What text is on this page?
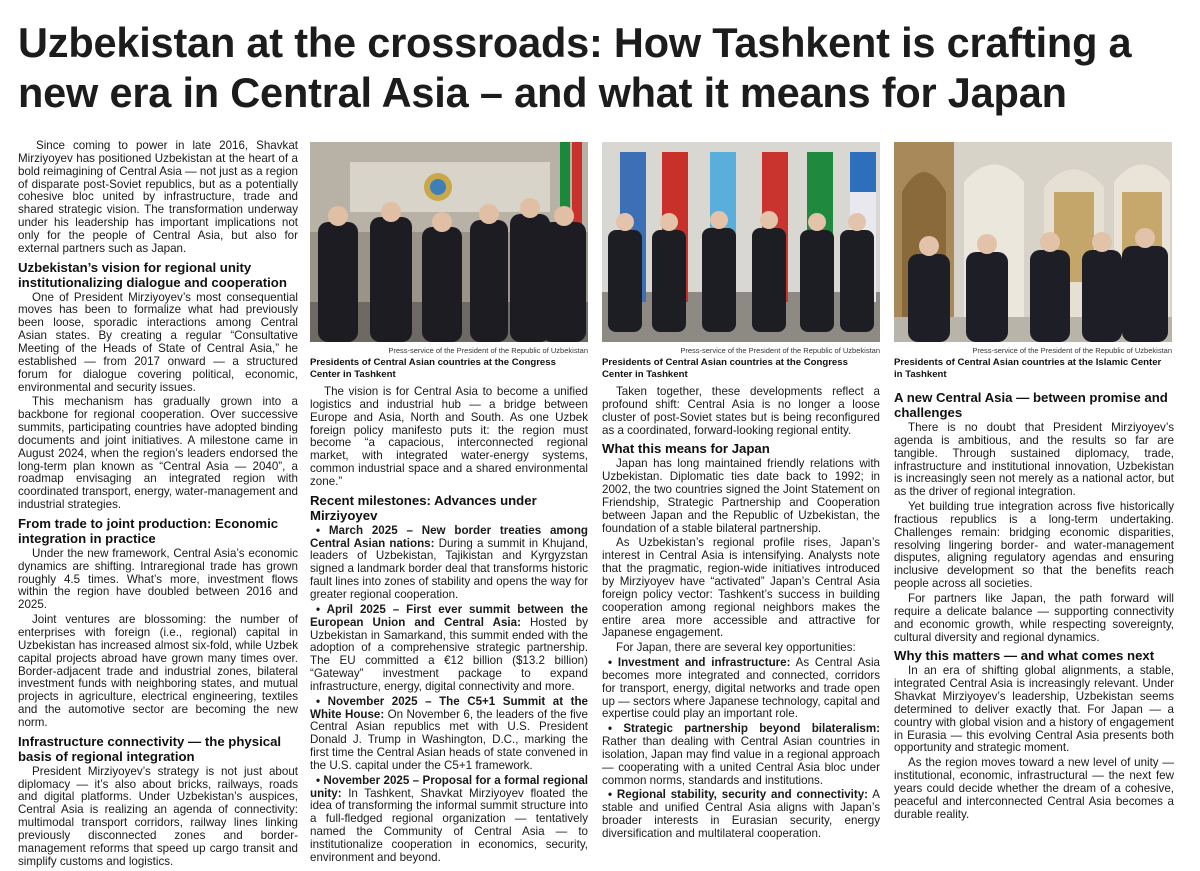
Uzbekistan at the crossroads: How Tashkent is crafting a new era in Central Asia – and what it means for Japan

Since coming to power in late 2016, Shavkat Mirziyoyev has positioned Uzbekistan at the heart of a bold reimagining of Central Asia — not just as a region of disparate post-Soviet republics, but as a potentially cohesive bloc united by infrastructure, trade and shared strategic vision. The transformation underway under his leadership has important implications not only for the people of Central Asia, but also for external partners such as Japan.

Uzbekistan’s vision for regional unity institutionalizing dialogue and cooperation

One of President Mirziyoyev’s most consequential moves has been to formalize what had previously been loose, sporadic interactions among Central Asian states. By creating a regular “Consultative Meeting of the Heads of State of Central Asia,” he established — from 2017 onward — a structured forum for dialogue covering political, economic, environmental and security issues.

This mechanism has gradually grown into a backbone for regional cooperation. Over successive summits, participating countries have adopted binding documents and joint initiatives. A milestone came in August 2024, when the region’s leaders endorsed the long-term plan known as “Central Asia — 2040”, a roadmap envisaging an integrated region with coordinated transport, energy, water-management and industrial strategies.

From trade to joint production: Economic integration in practice

Under the new framework, Central Asia’s economic dynamics are shifting. Intraregional trade has grown roughly 4.5 times. What’s more, investment flows within the region have doubled between 2016 and 2025.

Joint ventures are blossoming: the number of enterprises with foreign (i.e., regional) capital in Uzbekistan has increased almost six-fold, while Uzbek capital projects abroad have grown many times over. Border-adjacent trade and industrial zones, bilateral investment funds with neighboring states, and mutual projects in agriculture, electrical engineering, textiles and the automotive sector are becoming the new norm.

Infrastructure connectivity — the physical basis of regional integration

President Mirziyoyev’s strategy is not just about diplomacy — it’s also about bricks, railways, roads and digital platforms. Under Uzbekistan’s auspices, Central Asia is realizing an agenda of connectivity: multimodal transport corridors, railway lines linking previously disconnected zones and border-management reforms that speed up cargo transit and simplify customs and logistics.

Press-service of the President of the Republic of Uzbekistan
Presidents of Central Asian countries at the Congress Center in Tashkent
Press-service of the President of the Republic of Uzbekistan
Presidents of Central Asian countries at the Congress Center in Tashkent
Press-service of the President of the Republic of Uzbekistan
Presidents of Central Asian countries at the Islamic Center in Tashkent

The vision is for Central Asia to become a unified logistics and industrial hub — a bridge between Europe and Asia, North and South. As one Uzbek foreign policy manifesto puts it: the region must become “a capacious, interconnected regional market, with integrated water-energy systems, common industrial space and a shared environmental zone.”

Recent milestones: Advances under Mirziyoyev

• March 2025 – New border treaties among Central Asian nations: During a summit in Khujand, leaders of Uzbekistan, Tajikistan and Kyrgyzstan signed a landmark border deal that transforms historic fault lines into zones of stability and opens the way for greater regional cooperation.

• April 2025 – First ever summit between the European Union and Central Asia: Hosted by Uzbekistan in Samarkand, this summit ended with the adoption of a comprehensive strategic partnership. The EU committed a €12 billion ($13.2 billion) “Gateway” investment package to expand infrastructure, energy, digital connectivity and more.

• November 2025 – The C5+1 Summit at the White House: On November 6, the leaders of the five Central Asian republics met with U.S. President Donald J. Trump in Washington, D.C., marking the first time the Central Asian heads of state convened in the U.S. capital under the C5+1 framework.

• November 2025 – Proposal for a formal regional unity: In Tashkent, Shavkat Mirziyoyev floated the idea of transforming the informal summit structure into a full-fledged regional organization — tentatively named the Community of Central Asia — to institutionalize cooperation in economics, security, environment and beyond.

Taken together, these developments reflect a profound shift: Central Asia is no longer a loose cluster of post-Soviet states but is being reconfigured as a coordinated, forward-looking regional entity.

What this means for Japan

Japan has long maintained friendly relations with Uzbekistan. Diplomatic ties date back to 1992; in 2002, the two countries signed the Joint Statement on Friendship, Strategic Partnership and Cooperation between Japan and the Republic of Uzbekistan, the foundation of a stable bilateral partnership.

As Uzbekistan’s regional profile rises, Japan’s interest in Central Asia is intensifying. Analysts note that the pragmatic, region-wide initiatives introduced by Mirziyoyev have “activated” Japan’s Central Asia foreign policy vector: Tashkent’s success in building cooperation among regional neighbors makes the entire area more accessible and attractive for Japanese engagement.

For Japan, there are several key opportunities:

• Investment and infrastructure: As Central Asia becomes more integrated and connected, corridors for transport, energy, digital networks and trade open up — sectors where Japanese technology, capital and expertise could play an important role.

• Strategic partnership beyond bilateralism: Rather than dealing with Central Asian countries in isolation, Japan may find value in a regional approach — cooperating with a united Central Asia bloc under common norms, standards and institutions.

• Regional stability, security and connectivity: A stable and unified Central Asia aligns with Japan’s broader interests in Eurasian security, energy diversification and multilateral cooperation.

A new Central Asia — between promise and challenges

There is no doubt that President Mirziyoyev’s agenda is ambitious, and the results so far are tangible. Through sustained diplomacy, trade, infrastructure and institutional innovation, Uzbekistan is increasingly seen not merely as a national actor, but as the driver of regional integration.

Yet building true integration across five historically fractious republics is a long-term undertaking. Challenges remain: bridging economic disparities, resolving lingering border- and water-management disputes, aligning regulatory agendas and ensuring inclusive development so that the benefits reach people across all societies.

For partners like Japan, the path forward will require a delicate balance — supporting connectivity and economic growth, while respecting sovereignty, cultural diversity and regional dynamics.

Why this matters — and what comes next

In an era of shifting global alignments, a stable, integrated Central Asia is increasingly relevant. Under Shavkat Mirziyoyev’s leadership, Uzbekistan seems determined to deliver exactly that. For Japan — a country with global vision and a history of engagement in Eurasia — this evolving Central Asia presents both opportunity and strategic moment.

As the region moves toward a new level of unity — institutional, economic, infrastructural — the next few years could decide whether the dream of a cohesive, peaceful and interconnected Central Asia becomes a durable reality.
